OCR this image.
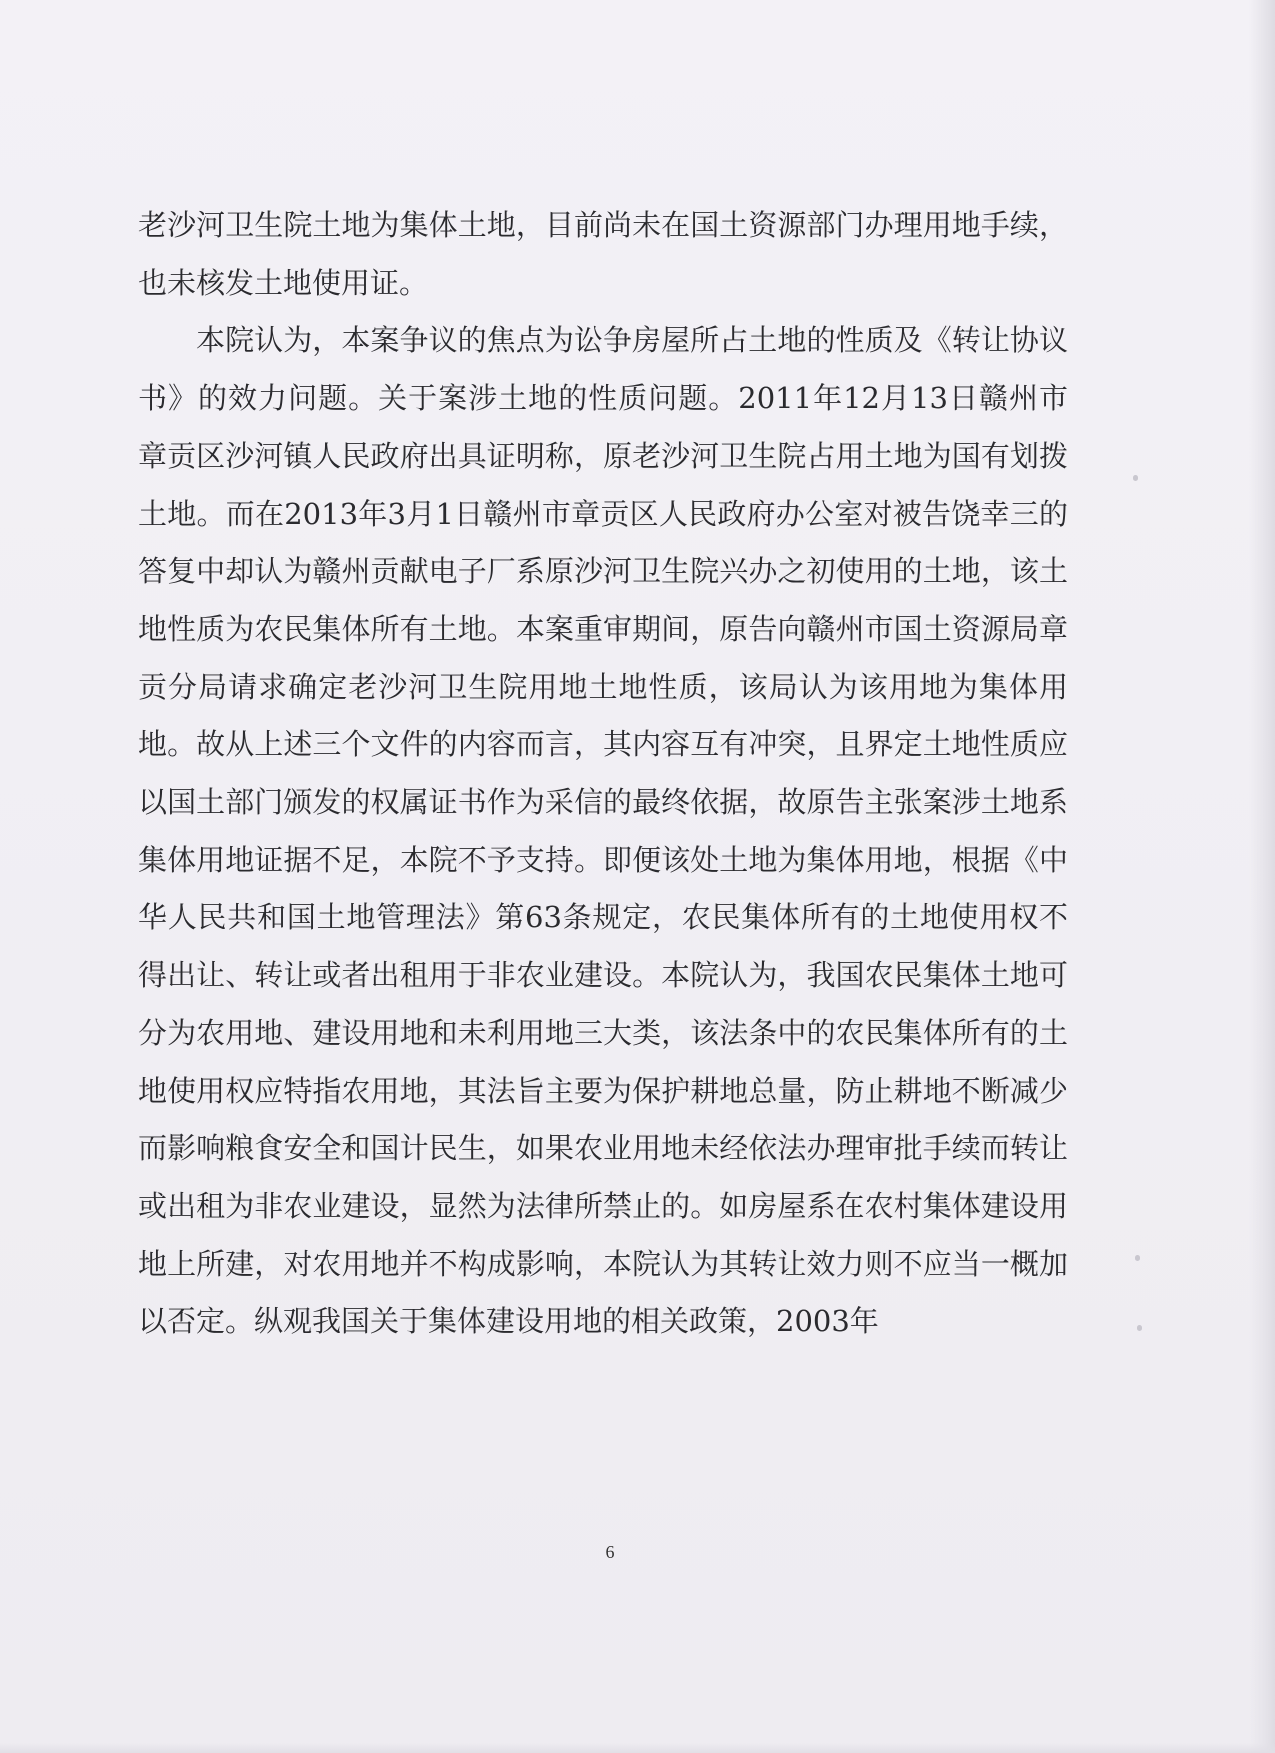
老沙河卫生院土地为集体土地，目前尚未在国土资源部门办理用地手续，也未核发土地使用证。

本院认为，本案争议的焦点为讼争房屋所占土地的性质及《转让协议书》的效力问题。关于案涉土地的性质问题。2011年12月13日赣州市章贡区沙河镇人民政府出具证明称，原老沙河卫生院占用土地为国有划拨土地。而在2013年3月1日赣州市章贡区人民政府办公室对被告饶幸三的答复中却认为赣州贡献电子厂系原沙河卫生院兴办之初使用的土地，该土地性质为农民集体所有土地。本案重审期间，原告向赣州市国土资源局章贡分局请求确定老沙河卫生院用地土地性质，该局认为该用地为集体用地。故从上述三个文件的内容而言，其内容互有冲突，且界定土地性质应以国土部门颁发的权属证书作为采信的最终依据，故原告主张案涉土地系集体用地证据不足，本院不予支持。即便该处土地为集体用地，根据《中华人民共和国土地管理法》第63条规定，农民集体所有的土地使用权不得出让、转让或者出租用于非农业建设。本院认为，我国农民集体土地可分为农用地、建设用地和未利用地三大类，该法条中的农民集体所有的土地使用权应特指农用地，其法旨主要为保护耕地总量，防止耕地不断减少而影响粮食安全和国计民生，如果农业用地未经依法办理审批手续而转让或出租为非农业建设，显然为法律所禁止的。如房屋系在农村集体建设用地上所建，对农用地并不构成影响，本院认为其转让效力则不应当一概加以否定。纵观我国关于集体建设用地的相关政策，2003年

6
